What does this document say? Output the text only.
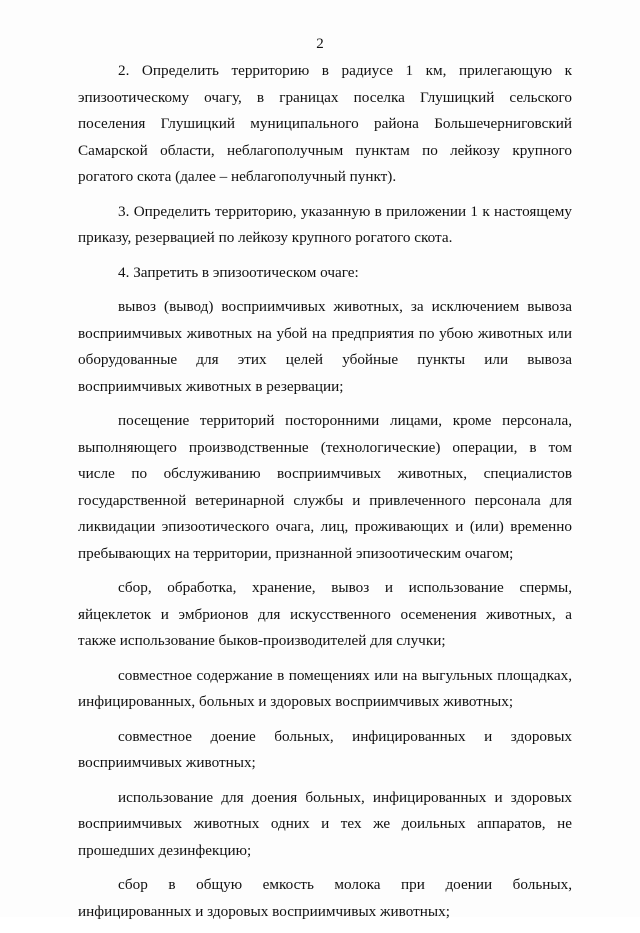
2
2. Определить территорию в радиусе 1 км, прилегающую к
эпизоотическому очагу, в границах поселка Глушицкий сельского
поселения Глушицкий муниципального района Большечерниговский
Самарской области, неблагополучным пунктам по лейкозу крупного
рогатого скота (далее – неблагополучный пункт).
3. Определить территорию, указанную в приложении 1 к настоящему
приказу, резервацией по лейкозу крупного рогатого скота.
4. Запретить в эпизоотическом очаге:
вывоз (вывод) восприимчивых животных, за исключением вывоза
восприимчивых животных на убой на предприятия по убою животных или
оборудованные для этих целей убойные пункты или вывоза
восприимчивых животных в резервации;
посещение территорий посторонними лицами, кроме персонала,
выполняющего производственные (технологические) операции, в том
числе по обслуживанию восприимчивых животных, специалистов
государственной ветеринарной службы и привлеченного персонала для
ликвидации эпизоотического очага, лиц, проживающих и (или) временно
пребывающих на территории, признанной эпизоотическим очагом;
сбор, обработка, хранение, вывоз и использование спермы,
яйцеклеток и эмбрионов для искусственного осеменения животных, а
также использование быков-производителей для случки;
совместное содержание в помещениях или на выгульных площадках,
инфицированных, больных и здоровых восприимчивых животных;
совместное доение больных, инфицированных и здоровых
восприимчивых животных;
использование для доения больных, инфицированных и здоровых
восприимчивых животных одних и тех же доильных аппаратов, не
прошедших дезинфекцию;
сбор в общую емкость молока при доении больных,
инфицированных и здоровых восприимчивых животных;
